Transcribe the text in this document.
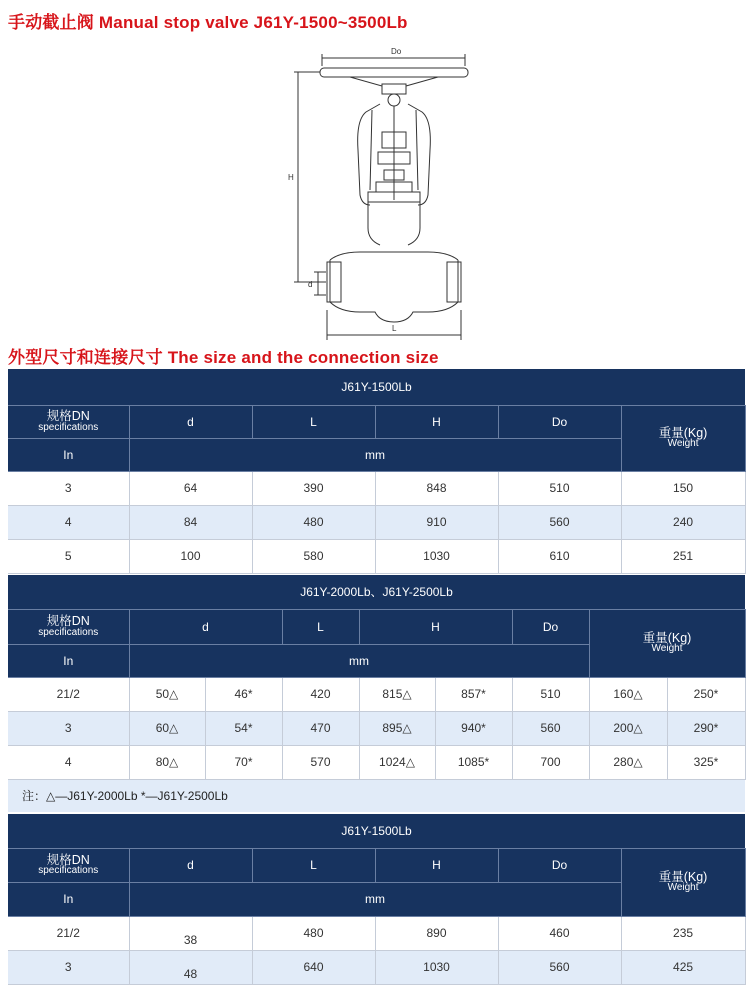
手动截止阀 Manual stop valve J61Y-1500~3500Lb
Do
H
d
L
外型尺寸和连接尺寸 The size and the connection size
J61Y-1500Lb					

规格DN
specifications	d	L	H	Do	重量(Kg)
Weight

In	mm				
3	64	390	848	510	150
4	84	480	910	560	240
5	100	580	1030	610	251
J61Y-2000Lb、J61Y-2500Lb								

规格DN
specifications	d		L	H		Do	重量(Kg)
Weight	

In	mm							
21/2	50△	46*	420	815△	857*	510	160△	250*
3	60△	54*	470	895△	940*	560	200△	290*
4	80△	70*	570	1024△	1085*	700	280△	325*
注：△—J61Y-2000Lb *—J61Y-2500Lb
J61Y-1500Lb					

规格DN
specifications	d	L	H	Do	重量(Kg)
Weight

In	mm				
21/2	38	480	890	460	235
3	48	640	1030	560	425
